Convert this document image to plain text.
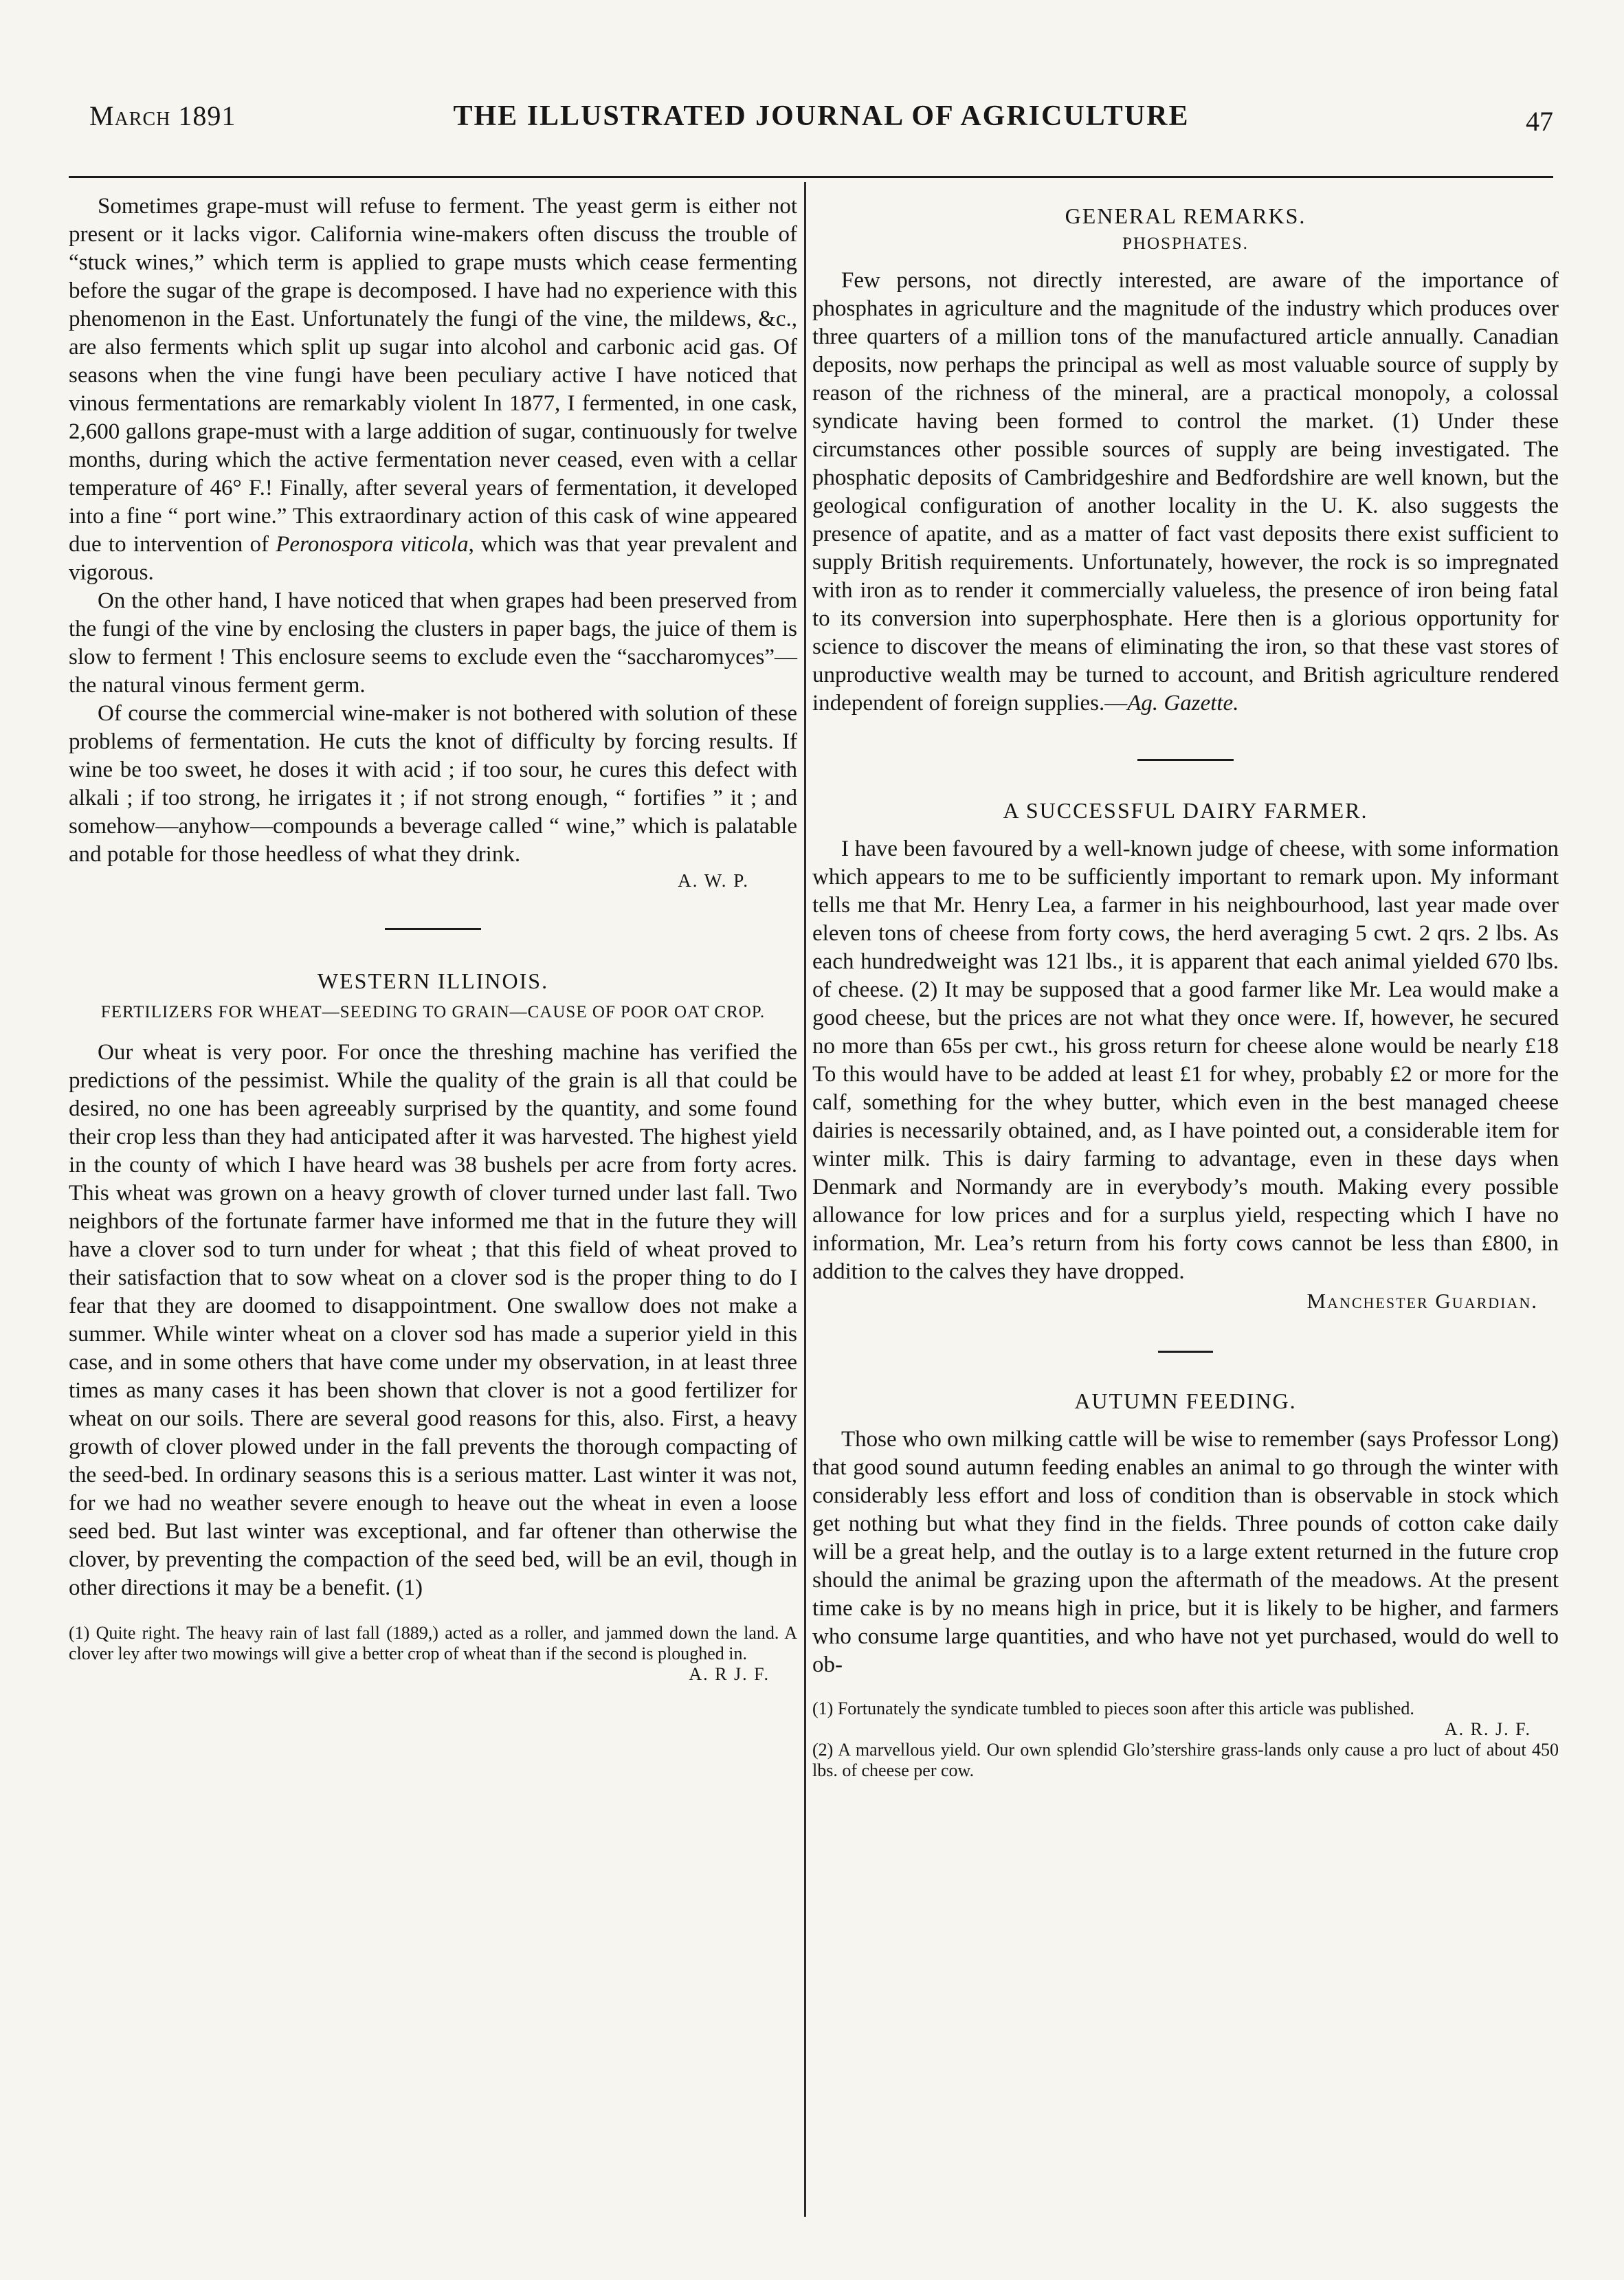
THE ILLUSTRATED JOURNAL OF AGRICULTURE
March 1891	47

Sometimes grape-must will refuse to ferment. The yeast germ is either not present or it lacks vigor. California wine-makers often discuss the trouble of “stuck wines,” which term is applied to grape musts which cease fermenting before the sugar of the grape is decomposed. I have had no experience with this phenomenon in the East. Unfortunately the fungi of the vine, the mildews, &c., are also ferments which split up sugar into alcohol and carbonic acid gas. Of seasons when the vine fungi have been peculiary active I have noticed that vinous fermentations are remarkably violent In 1877, I fermented, in one cask, 2,600 gallons grape-must with a large addition of sugar, continuously for twelve months, during which the active fermentation never ceased, even with a cellar temperature of 46° F.! Finally, after several years of fermentation, it developed into a fine “ port wine.” This extraordinary action of this cask of wine appeared due to intervention of Peronospora viticola, which was that year prevalent and vigorous.

On the other hand, I have noticed that when grapes had been preserved from the fungi of the vine by enclosing the clusters in paper bags, the juice of them is slow to ferment ! This enclosure seems to exclude even the “saccharomyces”—the natural vinous ferment germ.

Of course the commercial wine-maker is not bothered with solution of these problems of fermentation. He cuts the knot of difficulty by forcing results. If wine be too sweet, he doses it with acid ; if too sour, he cures this defect with alkali ; if too strong, he irrigates it ; if not strong enough, “ fortifies ” it ; and somehow—anyhow—compounds a beverage called “ wine,” which is palatable and potable for those heedless of what they drink.

A. W. P.
WESTERN ILLINOIS.
FERTILIZERS FOR WHEAT—SEEDING TO GRAIN—CAUSE OF POOR OAT CROP.

Our wheat is very poor. For once the threshing machine has verified the predictions of the pessimist. While the quality of the grain is all that could be desired, no one has been agreeably surprised by the quantity, and some found their crop less than they had anticipated after it was harvested. The highest yield in the county of which I have heard was 38 bushels per acre from forty acres. This wheat was grown on a heavy growth of clover turned under last fall. Two neighbors of the fortunate farmer have informed me that in the future they will have a clover sod to turn under for wheat ; that this field of wheat proved to their satisfaction that to sow wheat on a clover sod is the proper thing to do I fear that they are doomed to disappointment. One swallow does not make a summer. While winter wheat on a clover sod has made a superior yield in this case, and in some others that have come under my observation, in at least three times as many cases it has been shown that clover is not a good fertilizer for wheat on our soils. There are several good reasons for this, also. First, a heavy growth of clover plowed under in the fall prevents the thorough compacting of the seed-bed. In ordinary seasons this is a serious matter. Last winter it was not, for we had no weather severe enough to heave out the wheat in even a loose seed bed. But last winter was exceptional, and far oftener than otherwise the clover, by preventing the compaction of the seed bed, will be an evil, though in other directions it may be a benefit. (1)

(1) Quite right. The heavy rain of last fall (1889,) acted as a roller, and jammed down the land. A clover ley after two mowings will give a better crop of wheat than if the second is ploughed in.
A. R J. F.
GENERAL REMARKS.
PHOSPHATES.

Few persons, not directly interested, are aware of the importance of phosphates in agriculture and the magnitude of the industry which produces over three quarters of a million tons of the manufactured article annually. Canadian deposits, now perhaps the principal as well as most valuable source of supply by reason of the richness of the mineral, are a practical monopoly, a colossal syndicate having been formed to control the market. (1) Under these circumstances other possible sources of supply are being investigated. The phosphatic deposits of Cambridgeshire and Bedfordshire are well known, but the geological configuration of another locality in the U. K. also suggests the presence of apatite, and as a matter of fact vast deposits there exist sufficient to supply British requirements. Unfortunately, however, the rock is so impregnated with iron as to render it commercially valueless, the presence of iron being fatal to its conversion into superphosphate. Here then is a glorious opportunity for science to discover the means of eliminating the iron, so that these vast stores of unproductive wealth may be turned to account, and British agriculture rendered independent of foreign supplies.—Ag. Gazette.

A SUCCESSFUL DAIRY FARMER.

I have been favoured by a well-known judge of cheese, with some information which appears to me to be sufficiently important to remark upon. My informant tells me that Mr. Henry Lea, a farmer in his neighbourhood, last year made over eleven tons of cheese from forty cows, the herd averaging 5 cwt. 2 qrs. 2 lbs. As each hundredweight was 121 lbs., it is apparent that each animal yielded 670 lbs. of cheese. (2) It may be supposed that a good farmer like Mr. Lea would make a good cheese, but the prices are not what they once were. If, however, he secured no more than 65s per cwt., his gross return for cheese alone would be nearly £18 To this would have to be added at least £1 for whey, probably £2 or more for the calf, something for the whey butter, which even in the best managed cheese dairies is necessarily obtained, and, as I have pointed out, a considerable item for winter milk. This is dairy farming to advantage, even in these days when Denmark and Normandy are in everybody’s mouth. Making every possible allowance for low prices and for a surplus yield, respecting which I have no information, Mr. Lea’s return from his forty cows cannot be less than £800, in addition to the calves they have dropped.

Manchester Guardian.
AUTUMN FEEDING.

Those who own milking cattle will be wise to remember (says Professor Long) that good sound autumn feeding enables an animal to go through the winter with considerably less effort and loss of condition than is observable in stock which get nothing but what they find in the fields. Three pounds of cotton cake daily will be a great help, and the outlay is to a large extent returned in the future crop should the animal be grazing upon the aftermath of the meadows. At the present time cake is by no means high in price, but it is likely to be higher, and farmers who consume large quantities, and who have not yet purchased, would do well to ob-

(1) Fortunately the syndicate tumbled to pieces soon after this article was published.
A. R. J. F.
(2) A marvellous yield. Our own splendid Glo’stershire grass-lands only cause a pro luct of about 450 lbs. of cheese per cow.
